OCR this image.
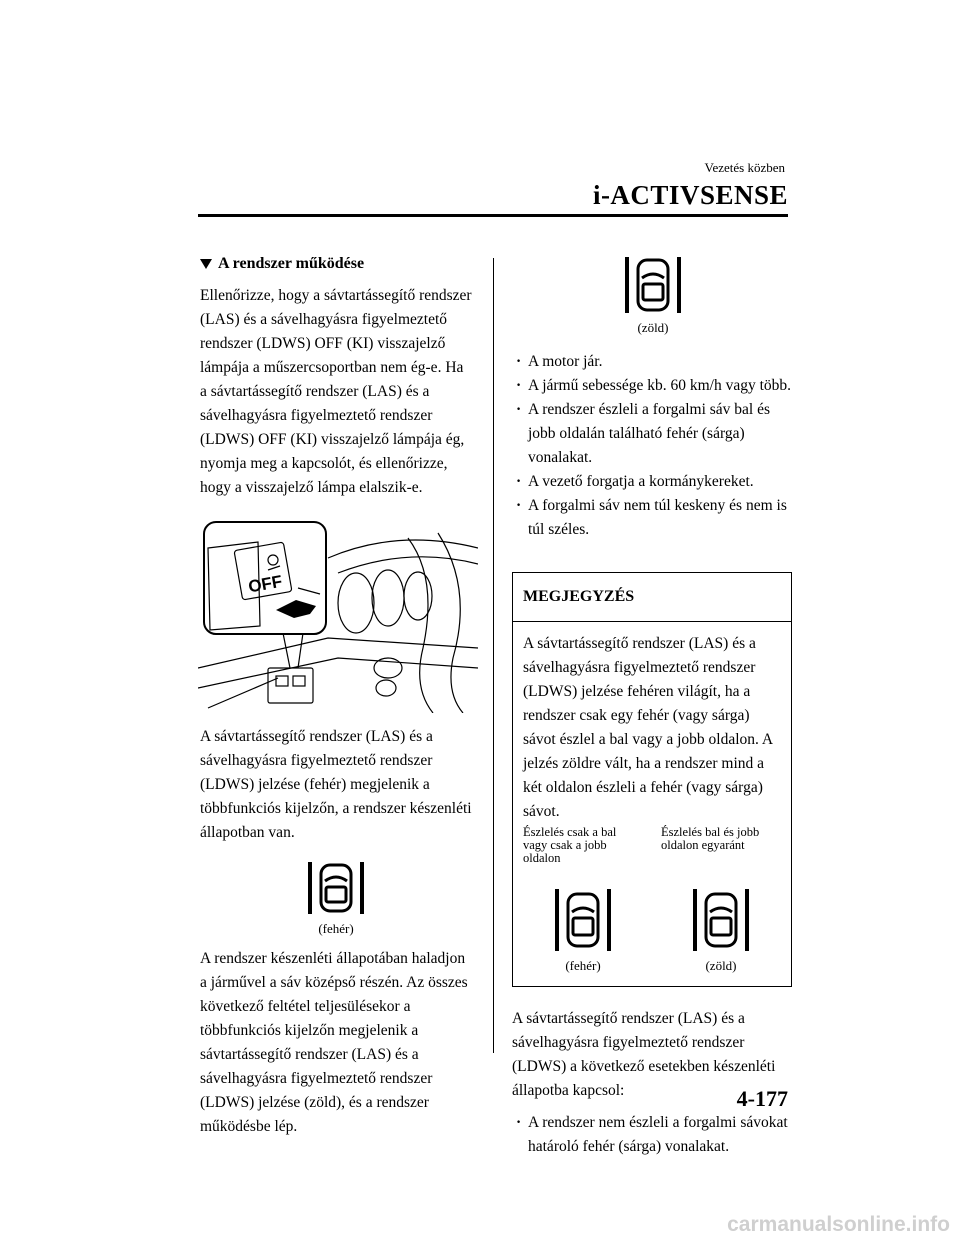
Vezetés közben
i-ACTIVSENSE
A rendszer működése

Ellenőrizze, hogy a sávtartássegítő rendszer (LAS) és a sávelhagyásra figyelmeztető rendszer (LDWS) OFF (KI) visszajelző lámpája a műszercsoportban nem ég-e. Ha a sávtartássegítő rendszer (LAS) és a sávelhagyásra figyelmeztető rendszer (LDWS) OFF (KI) visszajelző lámpája ég, nyomja meg a kapcsolót, és ellenőrizze, hogy a visszajelző lámpa elalszik-e.

OFF

A sávtartássegítő rendszer (LAS) és a sávelhagyásra figyelmeztető rendszer (LDWS) jelzése (fehér) megjelenik a többfunkciós kijelzőn, a rendszer készenléti állapotban van.

(fehér)

A rendszer készenléti állapotában haladjon a járművel a sáv középső részén. Az összes következő feltétel teljesülésekor a többfunkciós kijelzőn megjelenik a sávtartássegítő rendszer (LAS) és a sávelhagyásra figyelmeztető rendszer (LDWS) jelzése (zöld), és a rendszer működésbe lép.

(zöld)
· A motor jár.
· A jármű sebessége kb. 60 km/h vagy több.
· A rendszer észleli a forgalmi sáv bal és jobb oldalán található fehér (sárga) vonalakat.
· A vezető forgatja a kormánykereket.
· A forgalmi sáv nem túl keskeny és nem is túl széles.
MEGJEGYZÉS

A sávtartássegítő rendszer (LAS) és a sávelhagyásra figyelmeztető rendszer (LDWS) jelzése fehéren világít, ha a rendszer csak egy fehér (vagy sárga) sávot észlel a bal vagy a jobb oldalon. A jelzés zöldre vált, ha a rendszer mind a két oldalon észleli a fehér (vagy sárga) sávot.

Észlelés csak a bal vagy csak a jobb oldalon
(fehér)
Észlelés bal és jobb oldalon egyaránt
(zöld)

A sávtartássegítő rendszer (LAS) és a sávelhagyásra figyelmeztető rendszer (LDWS) a következő esetekben készenléti állapotba kapcsol:

· A rendszer nem észleli a forgalmi sávokat határoló fehér (sárga) vonalakat.
4-177
carmanualsonline.info
